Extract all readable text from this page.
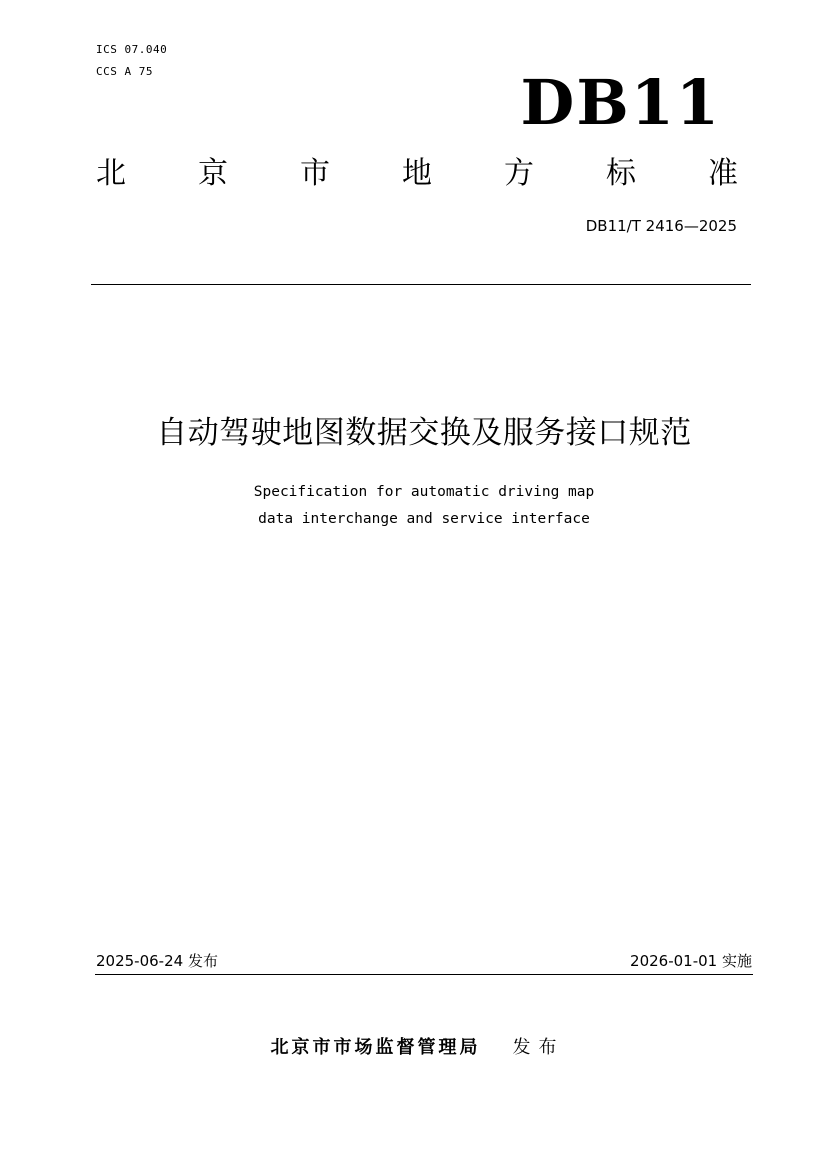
ICS 07.040
CCS A 75	DB11
北 京 市 地 方 标 准
DB11/T 2416—2025
自动驾驶地图数据交换及服务接口规范
Specification for automatic driving map
data interchange and service interface
2025-06-24 发布	2026-01-01 实施
北京市市场监督管理局 发布
